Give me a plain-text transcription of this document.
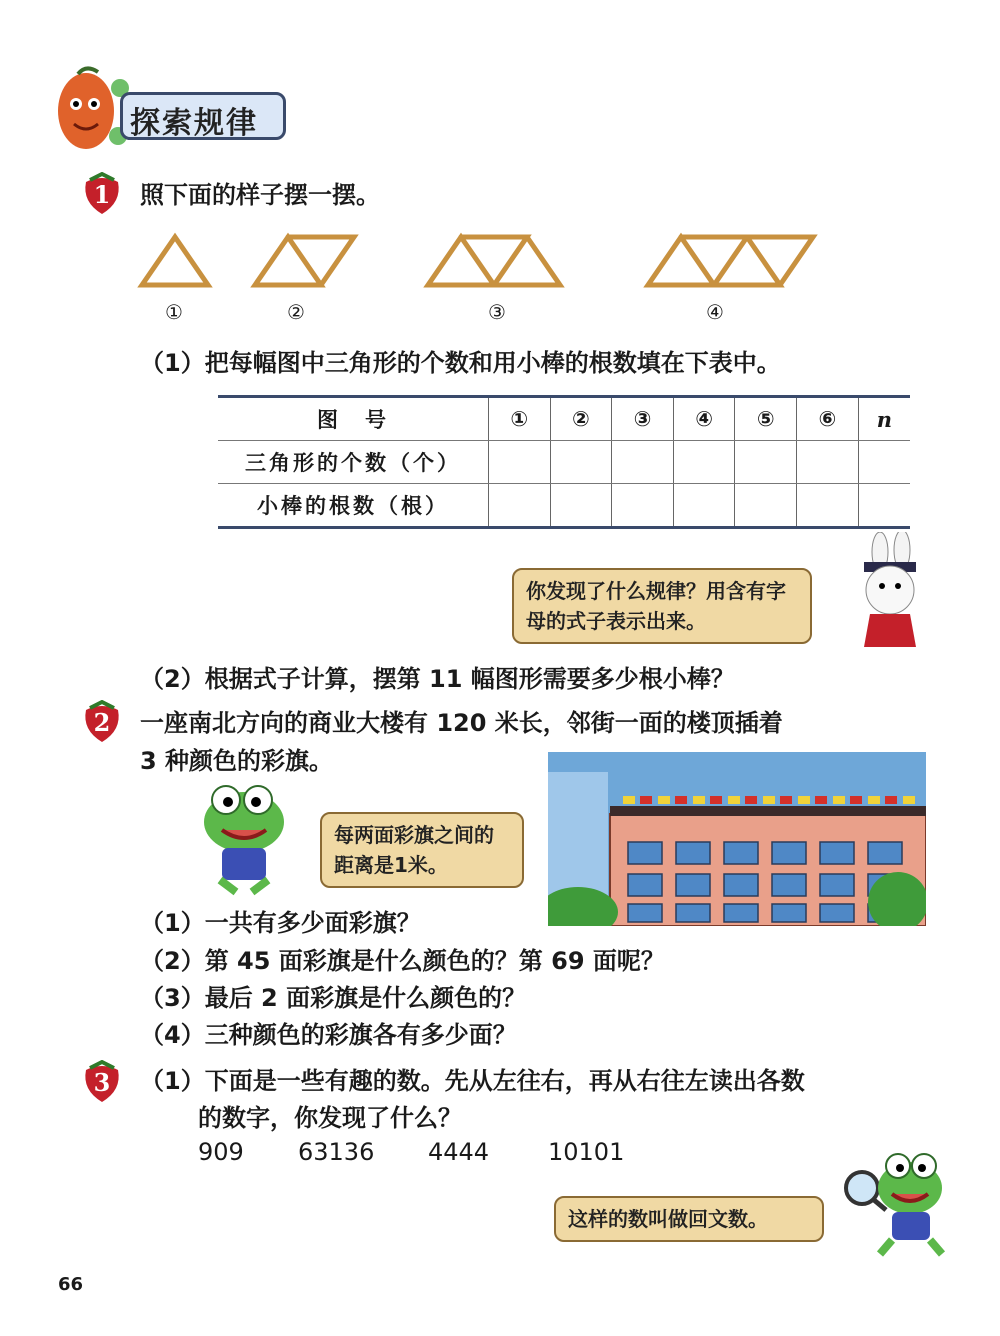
探索规律
1	照下面的样子摆一摆。
①	②	③	④
（1）把每幅图中三角形的个数和用小棒的根数填在下表中。
图　号	①	②	③	④	⑤	⑥	n
三角形的个数（个）							
小棒的根数（根）							
你发现了什么规律？用含有字母的式子表示出来。
（2）根据式子计算，摆第 11 幅图形需要多少根小棒？
2	一座南北方向的商业大楼有 120 米长，邻街一面的楼顶插着
3 种颜色的彩旗。
每两面彩旗之间的距离是1米。
（1）一共有多少面彩旗？
（2）第 45 面彩旗是什么颜色的？第 69 面呢？
（3）最后 2 面彩旗是什么颜色的？
（4）三种颜色的彩旗各有多少面？
3	（1）下面是一些有趣的数。先从左往右，再从右往左读出各数
的数字，你发现了什么？
909 63136 4444 10101
这样的数叫做回文数。
66
